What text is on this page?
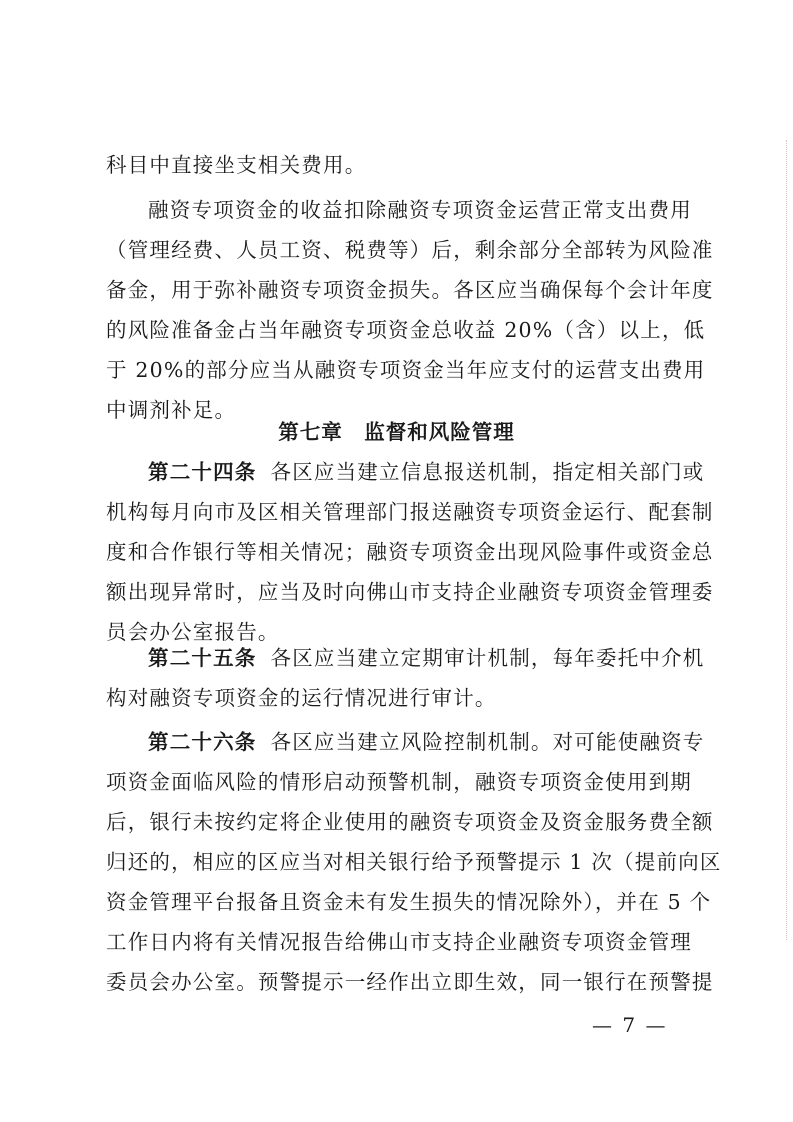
科目中直接坐支相关费用。
融资专项资金的收益扣除融资专项资金运营正常支出费用
（管理经费、人员工资、税费等）后，剩余部分全部转为风险准
备金，用于弥补融资专项资金损失。各区应当确保每个会计年度
的风险准备金占当年融资专项资金总收益 20%（含）以上，低
于 20%的部分应当从融资专项资金当年应支付的运营支出费用
中调剂补足。
第七章　监督和风险管理
第二十四条 各区应当建立信息报送机制，指定相关部门或
机构每月向市及区相关管理部门报送融资专项资金运行、配套制
度和合作银行等相关情况；融资专项资金出现风险事件或资金总
额出现异常时，应当及时向佛山市支持企业融资专项资金管理委
员会办公室报告。
第二十五条 各区应当建立定期审计机制，每年委托中介机
构对融资专项资金的运行情况进行审计。
第二十六条 各区应当建立风险控制机制。对可能使融资专
项资金面临风险的情形启动预警机制，融资专项资金使用到期
后，银行未按约定将企业使用的融资专项资金及资金服务费全额
归还的，相应的区应当对相关银行给予预警提示 1 次（提前向区
资金管理平台报备且资金未有发生损失的情况除外），并在 5 个
工作日内将有关情况报告给佛山市支持企业融资专项资金管理
委员会办公室。预警提示一经作出立即生效，同一银行在预警提
— 7 —
